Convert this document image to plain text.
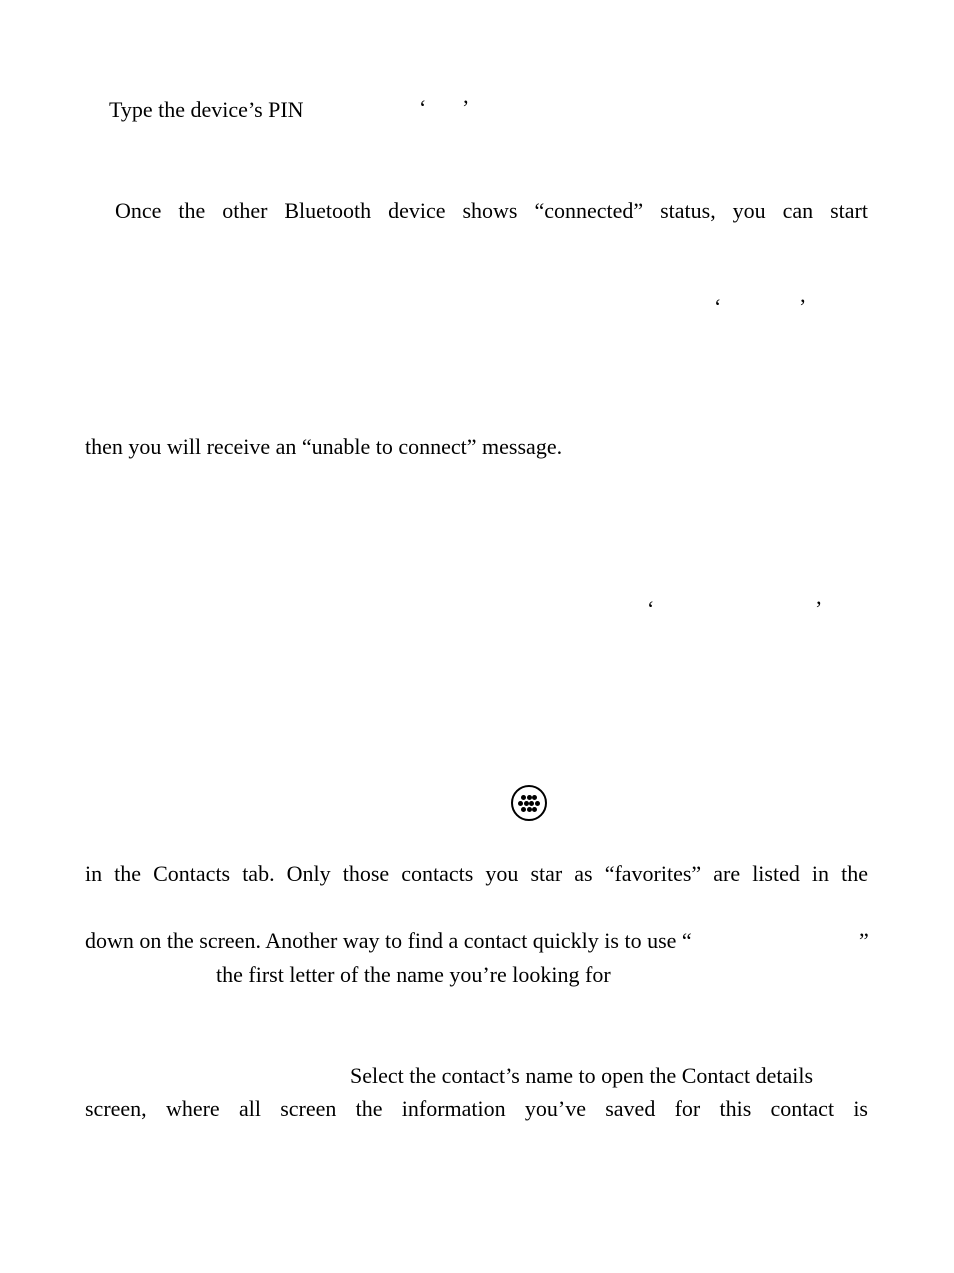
Type the device’s PIN	‘ ’
Once the other Bluetooth device shows “connected” status, you can start
‘	’
then you will receive an “unable to connect” message.
‘	’
in the Contacts tab. Only those contacts you star as “favorites” are listed in the
down on the screen. Another way to find a contact quickly is to use “	”
the first letter of the name you’re looking for
Select the contact’s name to open the Contact details
screen, where all screen the information you’ve saved for this contact is
